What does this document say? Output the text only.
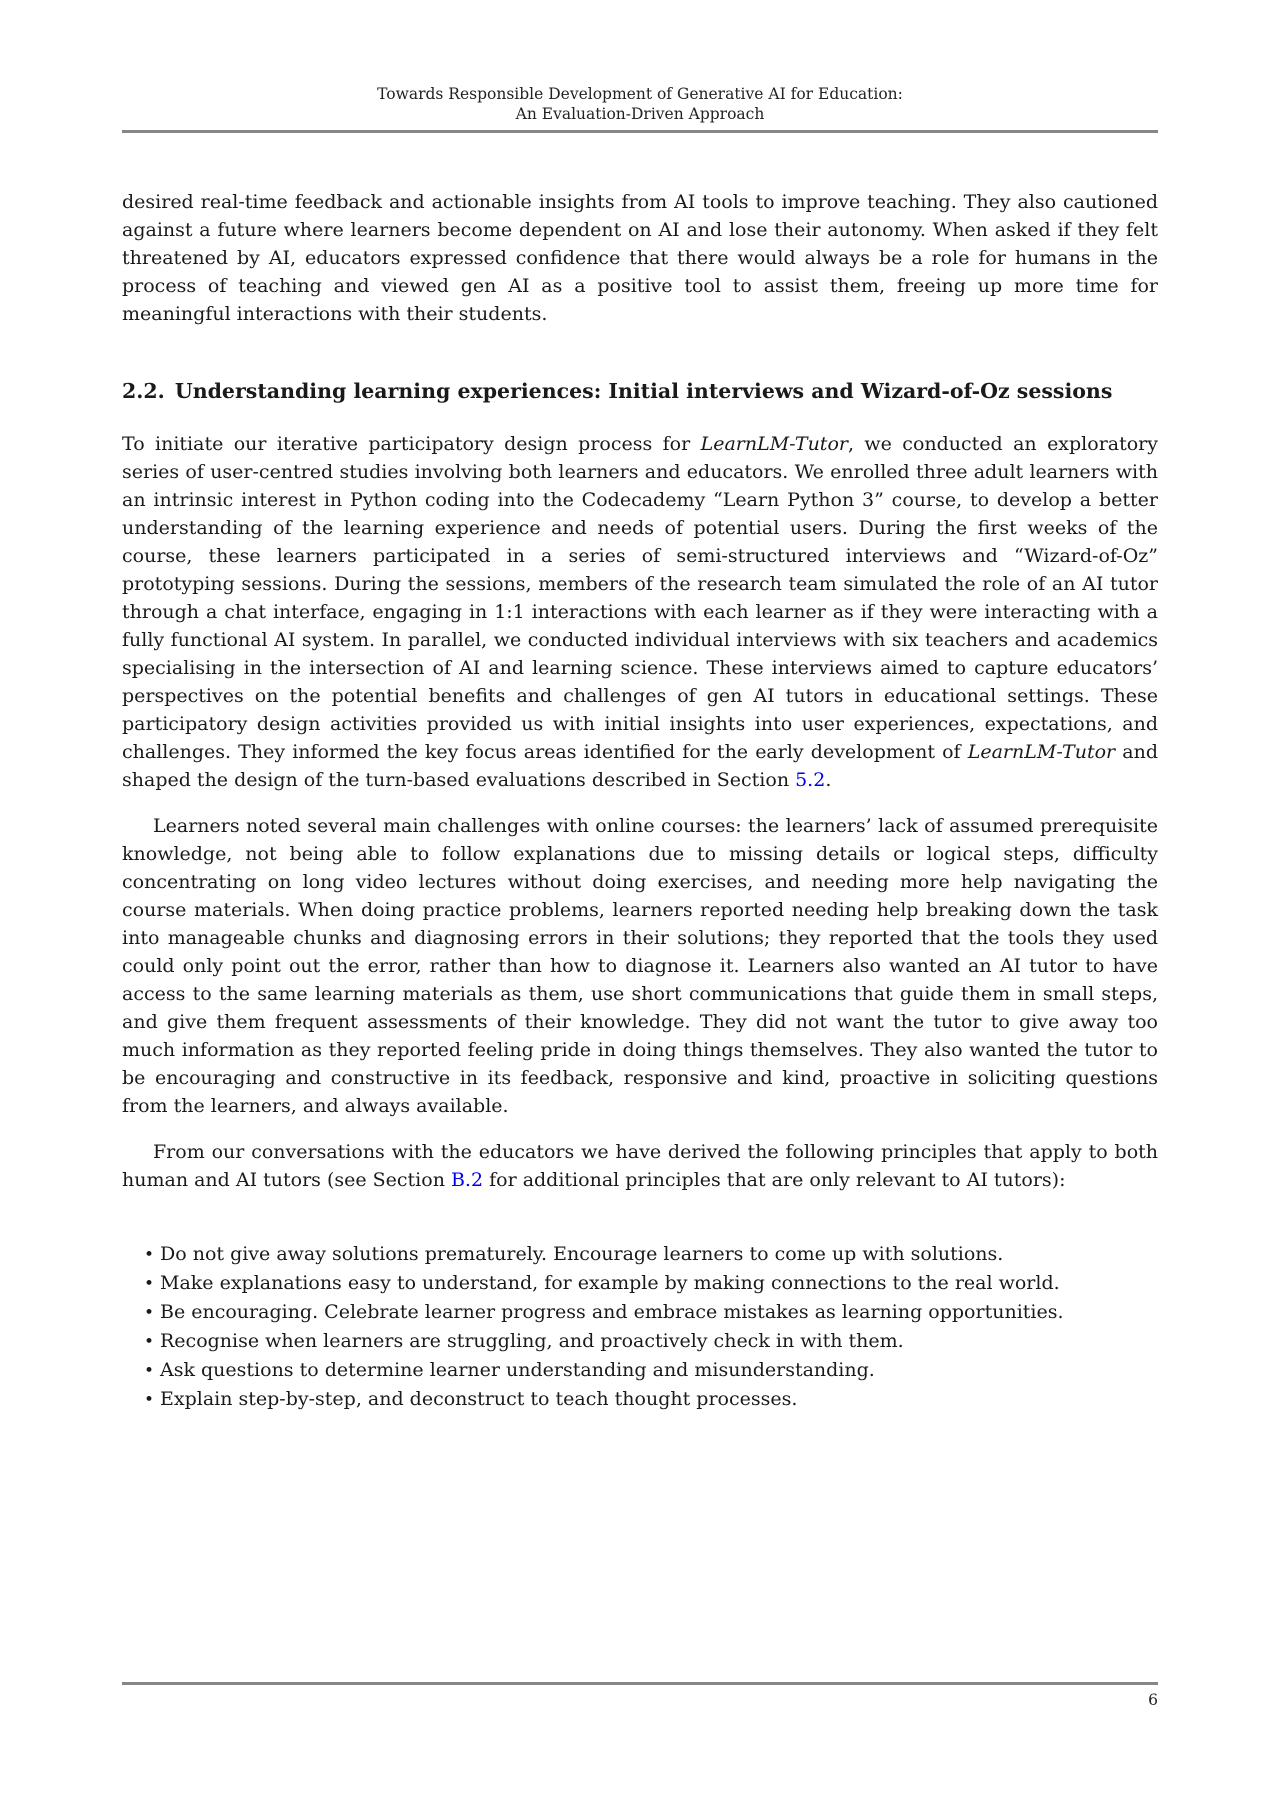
Towards Responsible Development of Generative AI for Education:
An Evaluation-Driven Approach

desired real-time feedback and actionable insights from AI tools to improve teaching. They also cautioned against a future where learners become dependent on AI and lose their autonomy. When asked if they felt threatened by AI, educators expressed confidence that there would always be a role for humans in the process of teaching and viewed gen AI as a positive tool to assist them, freeing up more time for meaningful interactions with their students.

2.2. Understanding learning experiences: Initial interviews and Wizard-of-Oz sessions

To initiate our iterative participatory design process for LearnLM-Tutor, we conducted an exploratory series of user-centred studies involving both learners and educators. We enrolled three adult learners with an intrinsic interest in Python coding into the Codecademy “Learn Python 3” course, to develop a better understanding of the learning experience and needs of potential users. During the first weeks of the course, these learners participated in a series of semi-structured interviews and “Wizard-of-Oz” prototyping sessions. During the sessions, members of the research team simulated the role of an AI tutor through a chat interface, engaging in 1:1 interactions with each learner as if they were interacting with a fully functional AI system. In parallel, we conducted individual interviews with six teachers and academics specialising in the intersection of AI and learning science. These interviews aimed to capture educators’ perspectives on the potential benefits and challenges of gen AI tutors in educational settings. These participatory design activities provided us with initial insights into user experiences, expectations, and challenges. They informed the key focus areas identified for the early development of LearnLM-Tutor and shaped the design of the turn-based evaluations described in Section 5.2.

Learners noted several main challenges with online courses: the learners’ lack of assumed prerequisite knowledge, not being able to follow explanations due to missing details or logical steps, difficulty concentrating on long video lectures without doing exercises, and needing more help navigating the course materials. When doing practice problems, learners reported needing help breaking down the task into manageable chunks and diagnosing errors in their solutions; they reported that the tools they used could only point out the error, rather than how to diagnose it. Learners also wanted an AI tutor to have access to the same learning materials as them, use short communications that guide them in small steps, and give them frequent assessments of their knowledge. They did not want the tutor to give away too much information as they reported feeling pride in doing things themselves. They also wanted the tutor to be encouraging and constructive in its feedback, responsive and kind, proactive in soliciting questions from the learners, and always available.

From our conversations with the educators we have derived the following principles that apply to both human and AI tutors (see Section B.2 for additional principles that are only relevant to AI tutors):

• Do not give away solutions prematurely. Encourage learners to come up with solutions.
• Make explanations easy to understand, for example by making connections to the real world.
• Be encouraging. Celebrate learner progress and embrace mistakes as learning opportunities.
• Recognise when learners are struggling, and proactively check in with them.
• Ask questions to determine learner understanding and misunderstanding.
• Explain step-by-step, and deconstruct to teach thought processes.
6
